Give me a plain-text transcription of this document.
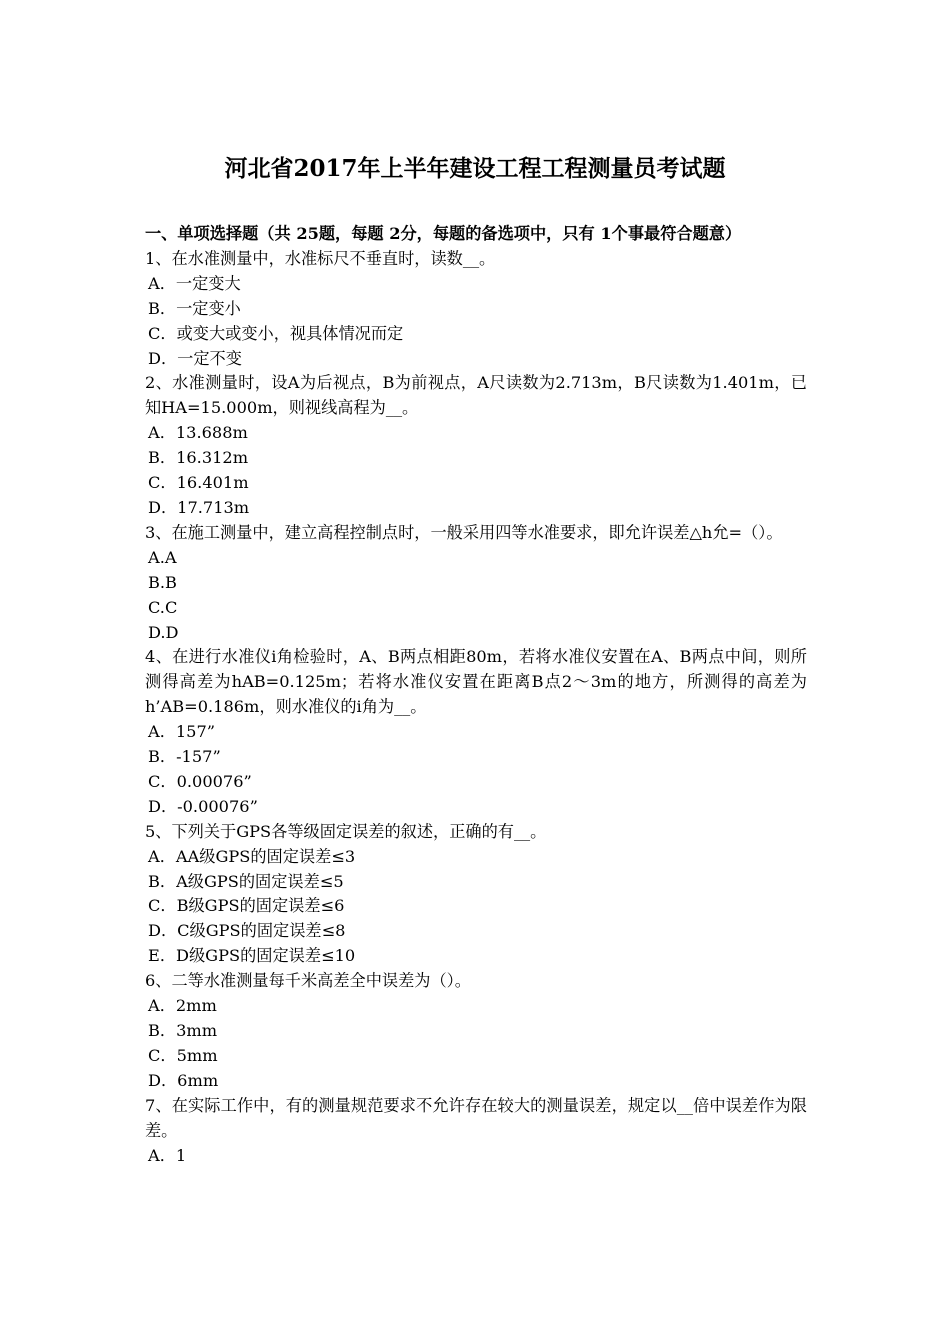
河北省2017年上半年建设工程工程测量员考试题

一、单项选择题（共 25题，每题 2分，每题的备选项中，只有 1个事最符合题意）

1、在水准测量中，水准标尺不垂直时，读数__。

A．一定变大

B．一定变小

C．或变大或变小，视具体情况而定

D．一定不变

2、水准测量时，设A为后视点，B为前视点，A尺读数为2.713m，B尺读数为1.401m，已知HA=15.000m，则视线高程为__。

A．13.688m

B．16.312m

C．16.401m

D．17.713m

3、在施工测量中，建立高程控制点时，一般采用四等水准要求，即允许误差△h允=（）。

A.A

B.B

C.C

D.D

4、在进行水准仪i角检验时，A、B两点相距80m，若将水准仪安置在A、B两点中间，则所测得高差为hAB=0.125m；若将水准仪安置在距离B点2～3m的地方，所测得的高差为h’AB=0.186m，则水准仪的i角为__。

A．157”

B．-157”

C．0.00076”

D．-0.00076”

5、下列关于GPS各等级固定误差的叙述，正确的有__。

A．AA级GPS的固定误差≤3

B．A级GPS的固定误差≤5

C．B级GPS的固定误差≤6

D．C级GPS的固定误差≤8

E．D级GPS的固定误差≤10

6、二等水准测量每千米高差全中误差为（）。

A．2mm

B．3mm

C．5mm

D．6mm

7、在实际工作中，有的测量规范要求不允许存在较大的测量误差，规定以__倍中误差作为限差。

A．1
